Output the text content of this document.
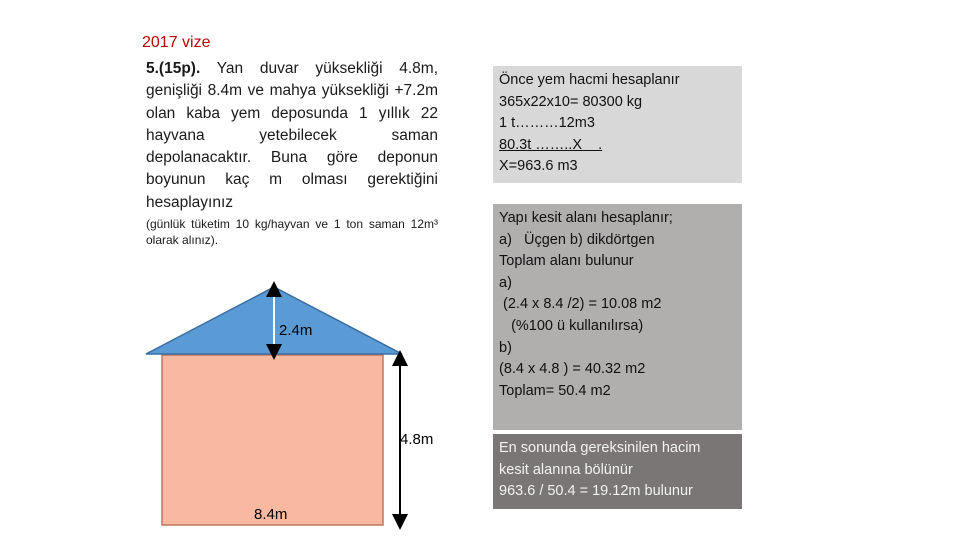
2017 vize
5.(15p). Yan duvar yüksekliği 4.8m, genişliği 8.4m ve mahya yüksekliği +7.2m olan kaba yem deposunda 1 yıllık 22 hayvana yetebilecek saman depolanacaktır. Buna göre deponun boyunun kaç m olması gerektiğini hesaplayınız
(günlük tüketim 10 kg/hayvan ve 1 ton saman 12m³ olarak alınız).
Önce yem hacmi hesaplanır
365x22x10= 80300 kg
1 t………12m3
80.3t ……..X    .
X=963.6 m3
Yapı kesit alanı hesaplanır;
a)   Üçgen b) dikdörtgen
Toplam alanı bulunur
a)
(2.4 x 8.4 /2) = 10.08 m2
(%100 ü kullanılırsa)
b)
(8.4 x 4.8 ) = 40.32 m2
Toplam= 50.4 m2
En sonunda gereksinilen hacim
kesit alanına bölünür
963.6 / 50.4 = 19.12m bulunur
2.4m
4.8m
8.4m
